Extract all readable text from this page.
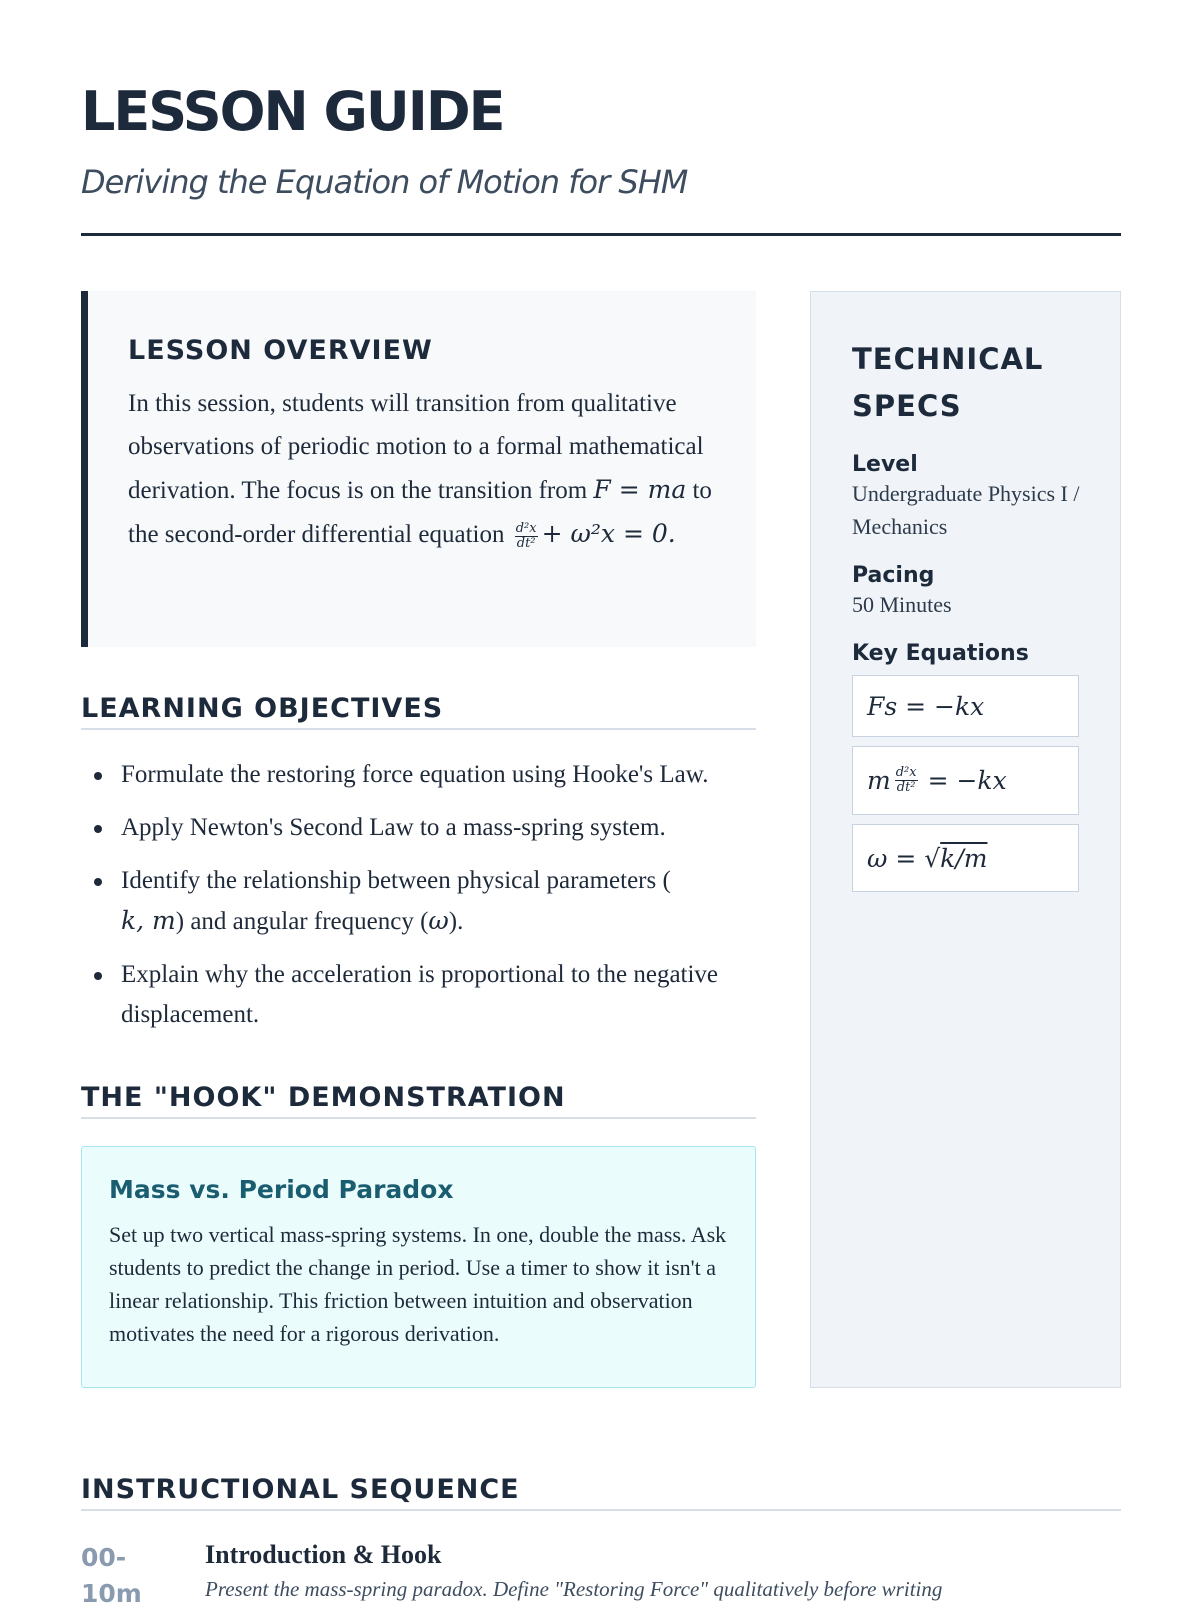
LESSON GUIDE
Deriving the Equation of Motion for SHM
LESSON OVERVIEW

In this session, students will transition from qualitative observations of periodic motion to a formal mathematical derivation. The focus is on the transition from F = ma to the second-order differential equation $\frac{\text{d²x}}{\text{dt²}} + \omega^2x = 0$.

LEARNING OBJECTIVES
Formulate the restoring force equation using Hooke's Law.
Apply Newton's Second Law to a mass-spring system.
Identify the relationship between physical parameters (
k, m) and angular frequency (ω).
Explain why the acceleration is proportional to the negative displacement.
THE "HOOK" DEMONSTRATION
Mass vs. Period Paradox

Set up two vertical mass-spring systems. In one, double the mass. Ask students to predict the change in period. Use a timer to show it isn't a linear relationship. This friction between intuition and observation motivates the need for a rigorous derivation.

TECHNICAL SPECS
Level
Undergraduate Physics I / Mechanics
Pacing
50 Minutes
Key Equations
Fs = −kx
m $\frac{\text{d²x}}{\text{dt²}} = -kx$
ω = √ k/m
INSTRUCTIONAL SEQUENCE
00-10m
Introduction & Hook
Present the mass-spring paradox. Define "Restoring Force" qualitatively before writing
